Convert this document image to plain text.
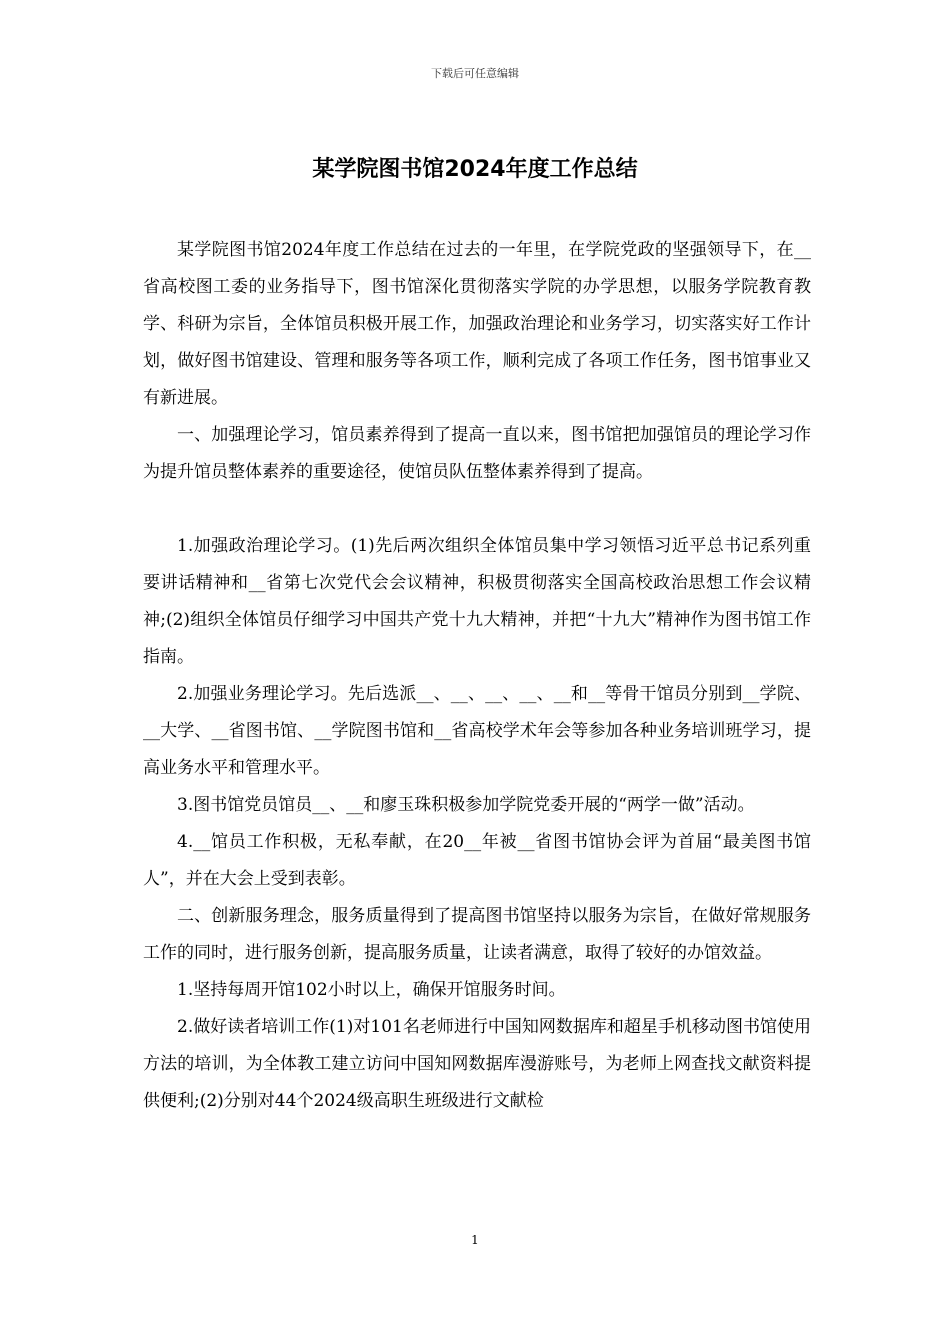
下载后可任意编辑
某学院图书馆2024年度工作总结

某学院图书馆2024年度工作总结在过去的一年里，在学院党政的坚强领导下，在__省高校图工委的业务指导下，图书馆深化贯彻落实学院的办学思想，以服务学院教育教学、科研为宗旨，全体馆员积极开展工作，加强政治理论和业务学习，切实落实好工作计划，做好图书馆建设、管理和服务等各项工作，顺利完成了各项工作任务，图书馆事业又有新进展。

一、加强理论学习，馆员素养得到了提高一直以来，图书馆把加强馆员的理论学习作为提升馆员整体素养的重要途径，使馆员队伍整体素养得到了提高。

1.加强政治理论学习。(1)先后两次组织全体馆员集中学习领悟习近平总书记系列重要讲话精神和__省第七次党代会会议精神，积极贯彻落实全国高校政治思想工作会议精神;(2)组织全体馆员仔细学习中国共产党十九大精神，并把“十九大”精神作为图书馆工作指南。

2.加强业务理论学习。先后选派__、__、__、__、__和__等骨干馆员分别到__学院、__大学、__省图书馆、__学院图书馆和__省高校学术年会等参加各种业务培训班学习，提高业务水平和管理水平。

3.图书馆党员馆员__、__和廖玉珠积极参加学院党委开展的“两学一做”活动。

4.__馆员工作积极，无私奉献，在20__年被__省图书馆协会评为首届“最美图书馆人”，并在大会上受到表彰。

二、创新服务理念，服务质量得到了提高图书馆坚持以服务为宗旨，在做好常规服务工作的同时，进行服务创新，提高服务质量，让读者满意，取得了较好的办馆效益。

1.坚持每周开馆102小时以上，确保开馆服务时间。

2.做好读者培训工作(1)对101名老师进行中国知网数据库和超星手机移动图书馆使用方法的培训，为全体教工建立访问中国知网数据库漫游账号，为老师上网查找文献资料提供便利;(2)分别对44个2024级高职生班级进行文献检

1
